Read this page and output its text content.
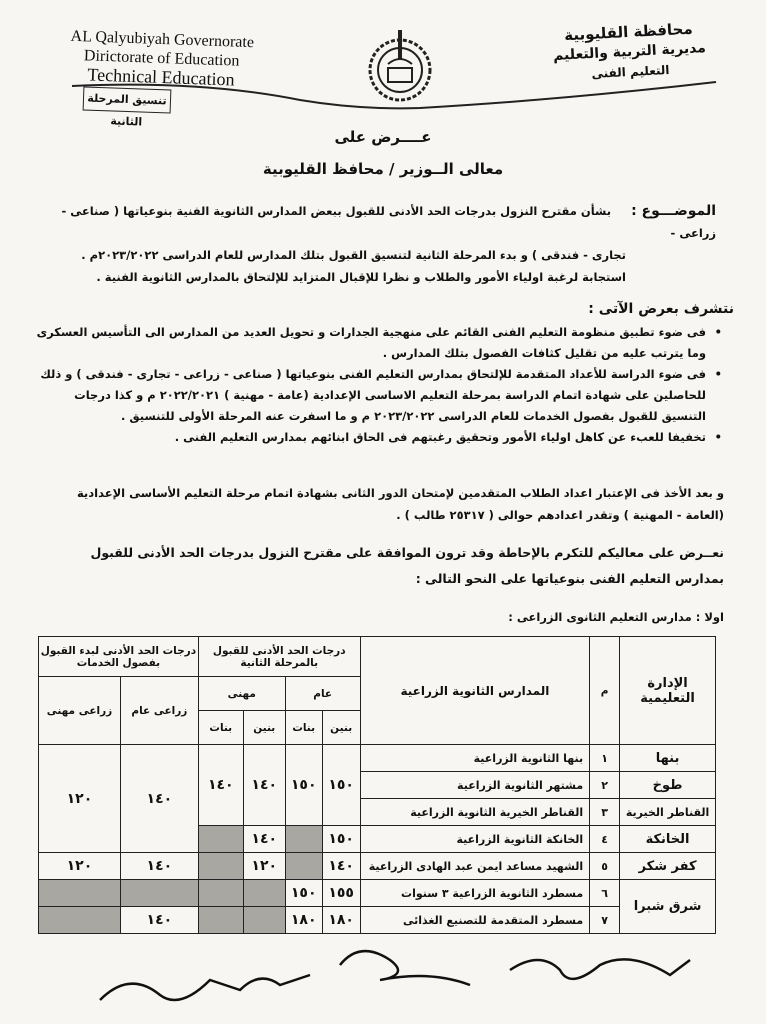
AL Qalyubiyah Governorate
Dirictorate of Education
Technical Education
محافظة القليوبية
مديرية التربية والتعليم
التعليم الفنى
تنسيق المرحلة الثانية
عــــرض على
معالى الــوزير / محافظ القليوبية
الموضـــوع :بشأن مقترح النزول بدرجات الحد الأدنى للقبول ببعض المدارس الثانوية الفنية بنوعياتها ( صناعى - زراعى -
تجارى - فندقى ) و بدء المرحلة الثانية لتنسيق القبول بتلك المدارس للعام الدراسى ٢٠٢٣/٢٠٢٢م .
استجابة لرغبة اولياء الأمور والطلاب و نظرا للإقبال المتزايد للإلتحاق بالمدارس الثانوية الفنية .
نتشرف بعرض الآتى :
• فى ضوء تطبيق منظومة التعليم الفنى القائم على منهجية الجدارات و تحويل العديد من المدارس الى التأسيس العسكرى وما يترتب عليه من تقليل كثافات الفصول بتلك المدارس .
• فى ضوء الدراسة للأعداد المتقدمة للإلتحاق بمدارس التعليم الفنى بنوعياتها ( صناعى - زراعى - تجارى - فندقى ) و ذلك للحاصلين على شهادة اتمام الدراسة بمرحلة التعليم الاساسى الإعدادية (عامة - مهنية ) ٢٠٢٢/٢٠٢١ م و كذا درجات التنسيق للقبول بفصول الخدمات للعام الدراسى ٢٠٢٣/٢٠٢٢ م و ما اسفرت عنه المرحلة الأولى للتنسيق .
• تخفيفا للعبء عن كاهل اولياء الأمور وتحقيق رغبتهم فى الحاق ابنائهم بمدارس التعليم الفنى .
و بعد الأخذ فى الإعتبار اعداد الطلاب المتقدمين لإمتحان الدور الثانى بشهادة اتمام مرحلة التعليم الأساسى الإعدادية (العامة - المهنية ) وتقدر اعدادهم حوالى ( ٢٥٣١٧ طالب ) .
نعــرض على معاليكم للتكرم بالإحاطة وقد ترون الموافقة على مقترح النزول بدرجات الحد الأدنى للقبول بمدارس التعليم الفنى بنوعياتها على النحو التالى :
اولا : مدارس التعليم الثانوى الزراعى :
الإدارة التعليمية	م	المدارس الثانوية الزراعية	درجات الحد الأدنى للقبول بالمرحلة الثانية				درجات الحد الأدنى لبدء القبول بفصول الخدمات	
			عام		مهنى		زراعى عام	زراعى مهنى
			بنين	بنات	بنين	بنات		
بنها	١	بنها الثانوية الزراعية	١٥٠	١٥٠	١٤٠	١٤٠	١٤٠	١٢٠
طوخ	٢	مشتهر الثانوية الزراعية						
القناطر الخيرية	٣	القناطر الخيرية الثانوية الزراعية						
الخانكة	٤	الخانكة الثانوية الزراعية	١٥٠		١٤٠			
كفر شكر	٥	الشهيد مساعد ايمن عبد الهادى الزراعية	١٤٠		١٢٠		١٤٠	١٢٠
شرق شبرا	٦	مسطرد الثانوية الزراعية ٣ سنوات	١٥٥	١٥٠				
	٧	مسطرد المتقدمة للتصنيع الغذائى	١٨٠	١٨٠			١٤٠	
